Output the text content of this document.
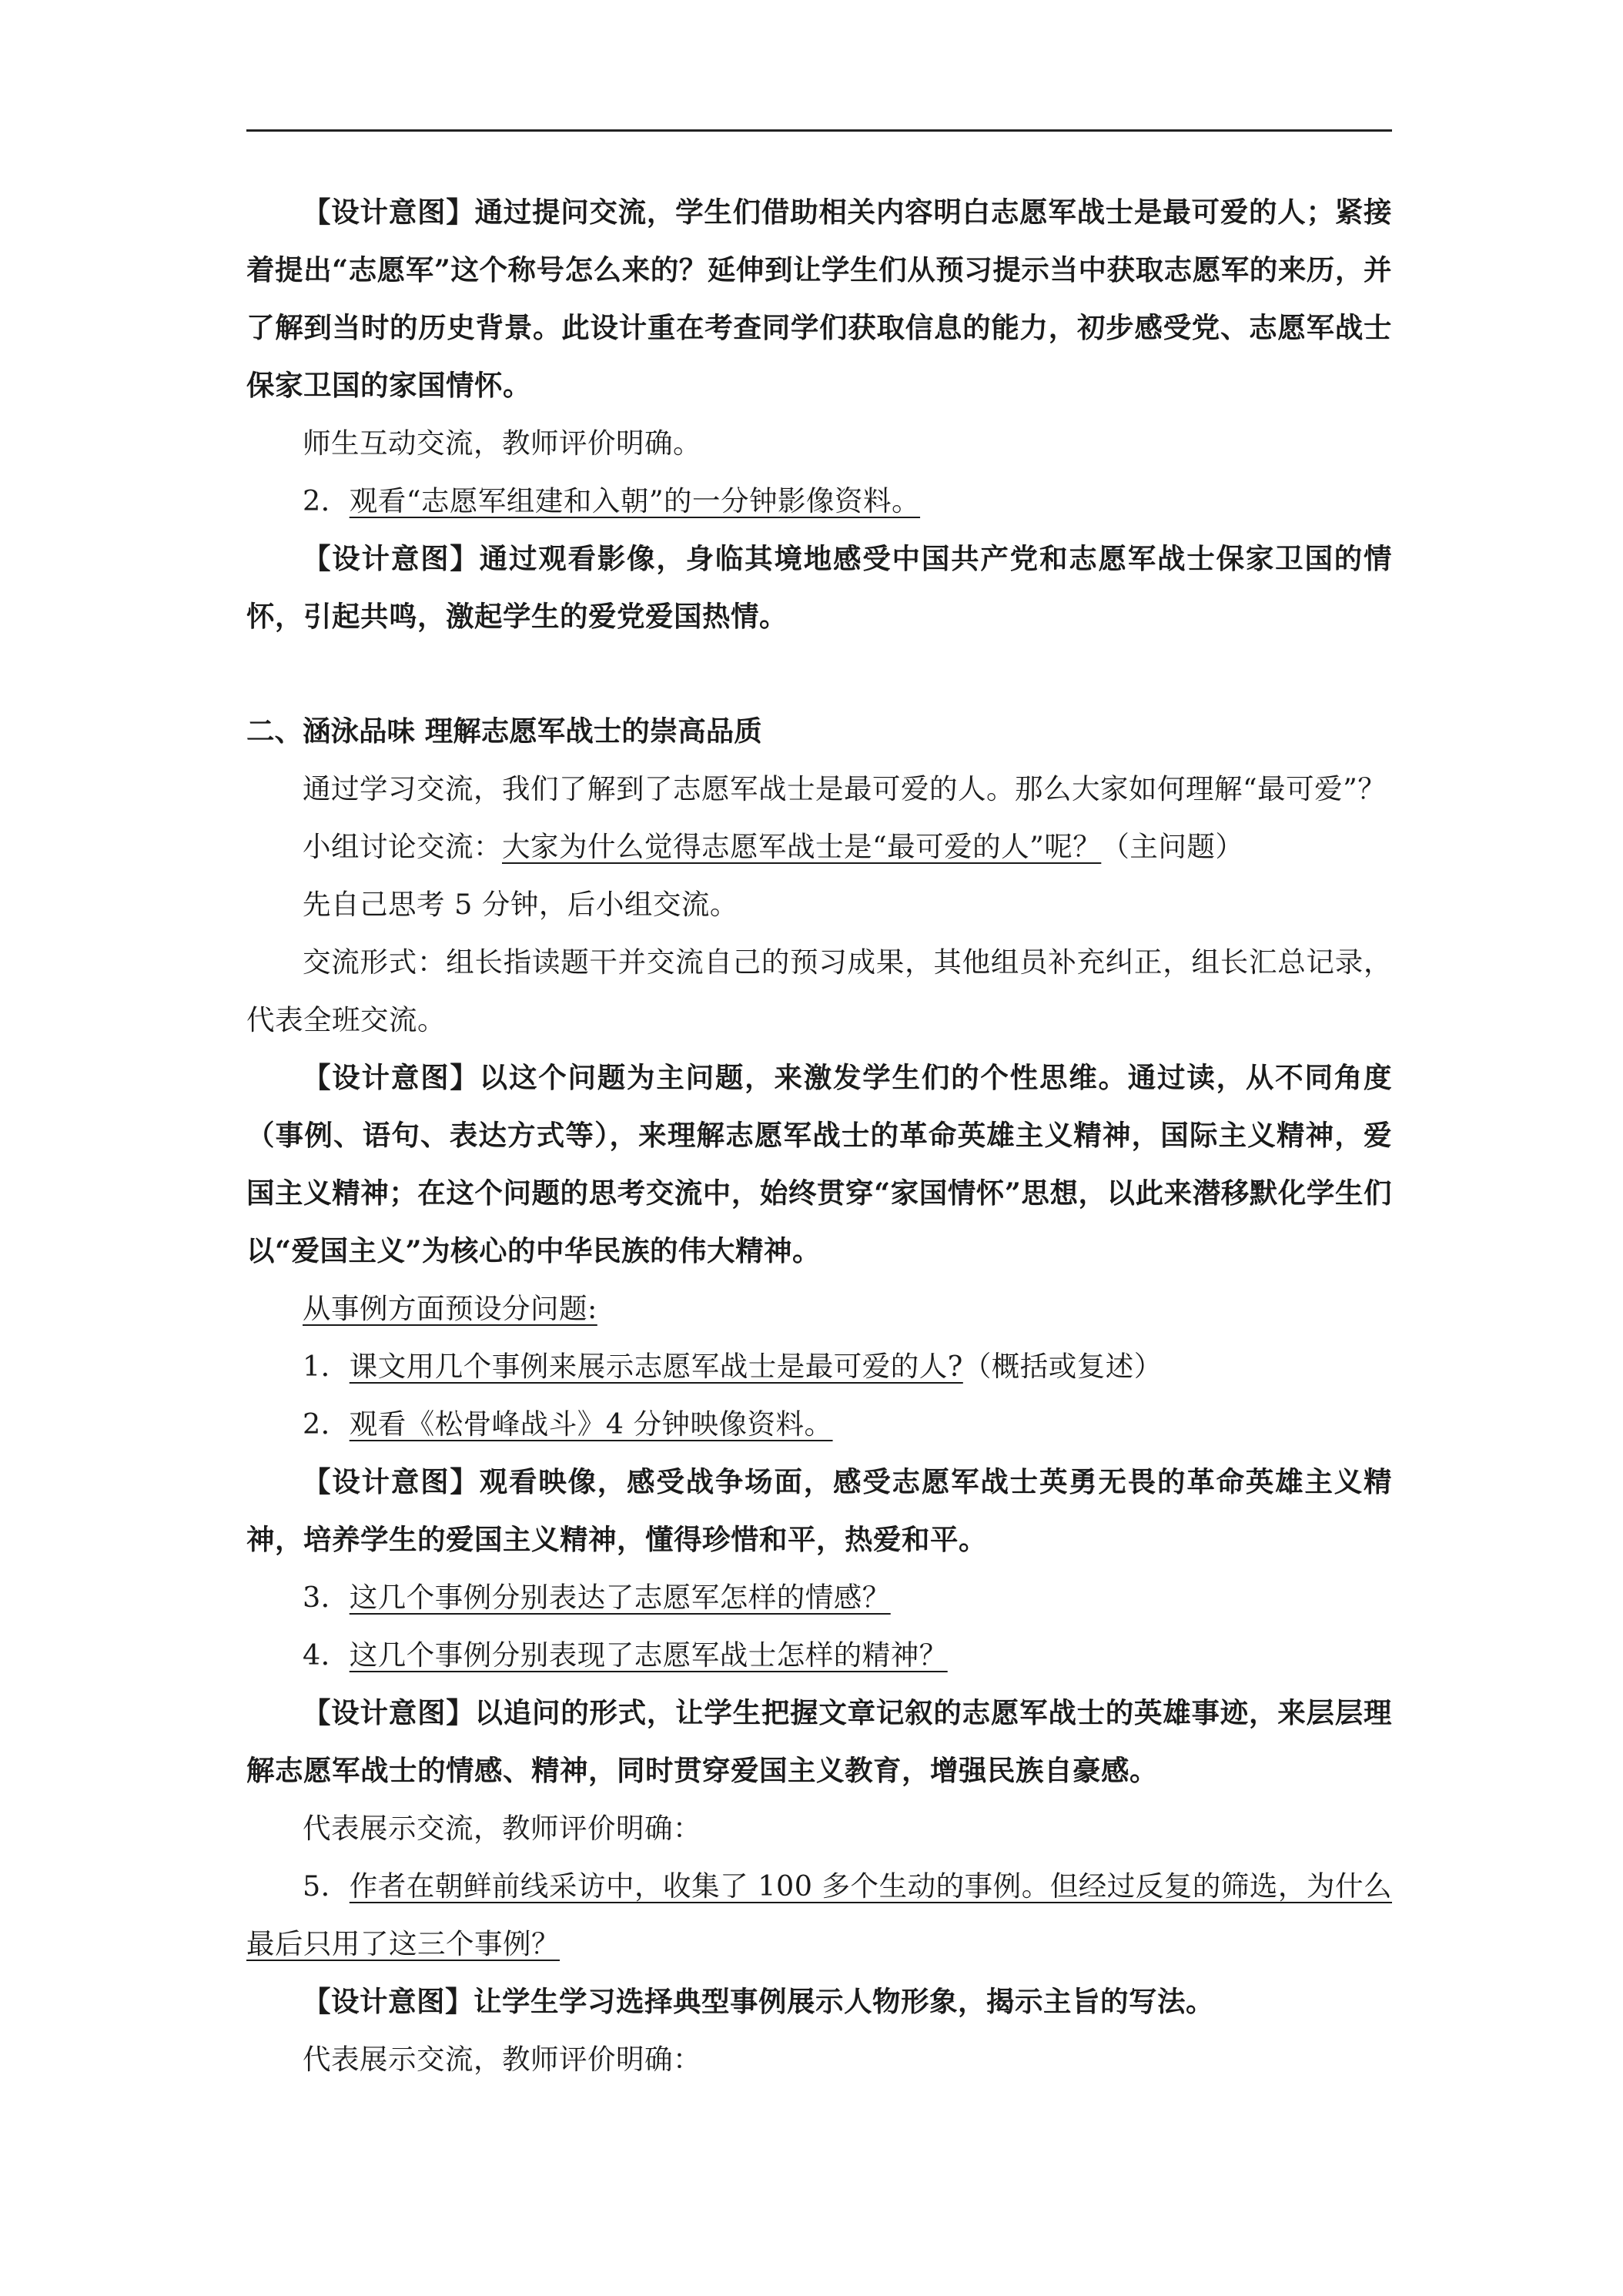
【设计意图】通过提问交流，学生们借助相关内容明白志愿军战士是最可爱的人；紧接着提出“志愿军”这个称号怎么来的？延伸到让学生们从预习提示当中获取志愿军的来历，并了解到当时的历史背景。此设计重在考查同学们获取信息的能力，初步感受党、志愿军战士保家卫国的家国情怀。

师生互动交流，教师评价明确。

2．观看“志愿军组建和入朝”的一分钟影像资料。

【设计意图】通过观看影像，身临其境地感受中国共产党和志愿军战士保家卫国的情怀，引起共鸣，激起学生的爱党爱国热情。

二、涵泳品味 理解志愿军战士的崇高品质

通过学习交流，我们了解到了志愿军战士是最可爱的人。那么大家如何理解“最可爱”？

小组讨论交流：大家为什么觉得志愿军战士是“最可爱的人”呢？（主问题）

先自己思考 5 分钟，后小组交流。

交流形式：组长指读题干并交流自己的预习成果，其他组员补充纠正，组长汇总记录，代表全班交流。

【设计意图】以这个问题为主问题，来激发学生们的个性思维。通过读，从不同角度（事例、语句、表达方式等），来理解志愿军战士的革命英雄主义精神，国际主义精神，爱国主义精神；在这个问题的思考交流中，始终贯穿“家国情怀”思想，以此来潜移默化学生们以“爱国主义”为核心的中华民族的伟大精神。

从事例方面预设分问题:

1．课文用几个事例来展示志愿军战士是最可爱的人?（概括或复述）

2．观看《松骨峰战斗》4 分钟映像资料。

【设计意图】观看映像，感受战争场面，感受志愿军战士英勇无畏的革命英雄主义精神，培养学生的爱国主义精神，懂得珍惜和平，热爱和平。

3．这几个事例分别表达了志愿军怎样的情感？

4．这几个事例分别表现了志愿军战士怎样的精神？

【设计意图】以追问的形式，让学生把握文章记叙的志愿军战士的英雄事迹，来层层理解志愿军战士的情感、精神，同时贯穿爱国主义教育，增强民族自豪感。

代表展示交流，教师评价明确：

5．作者在朝鲜前线采访中，收集了 100 多个生动的事例。但经过反复的筛选，为什么最后只用了这三个事例？

【设计意图】让学生学习选择典型事例展示人物形象，揭示主旨的写法。

代表展示交流，教师评价明确：
